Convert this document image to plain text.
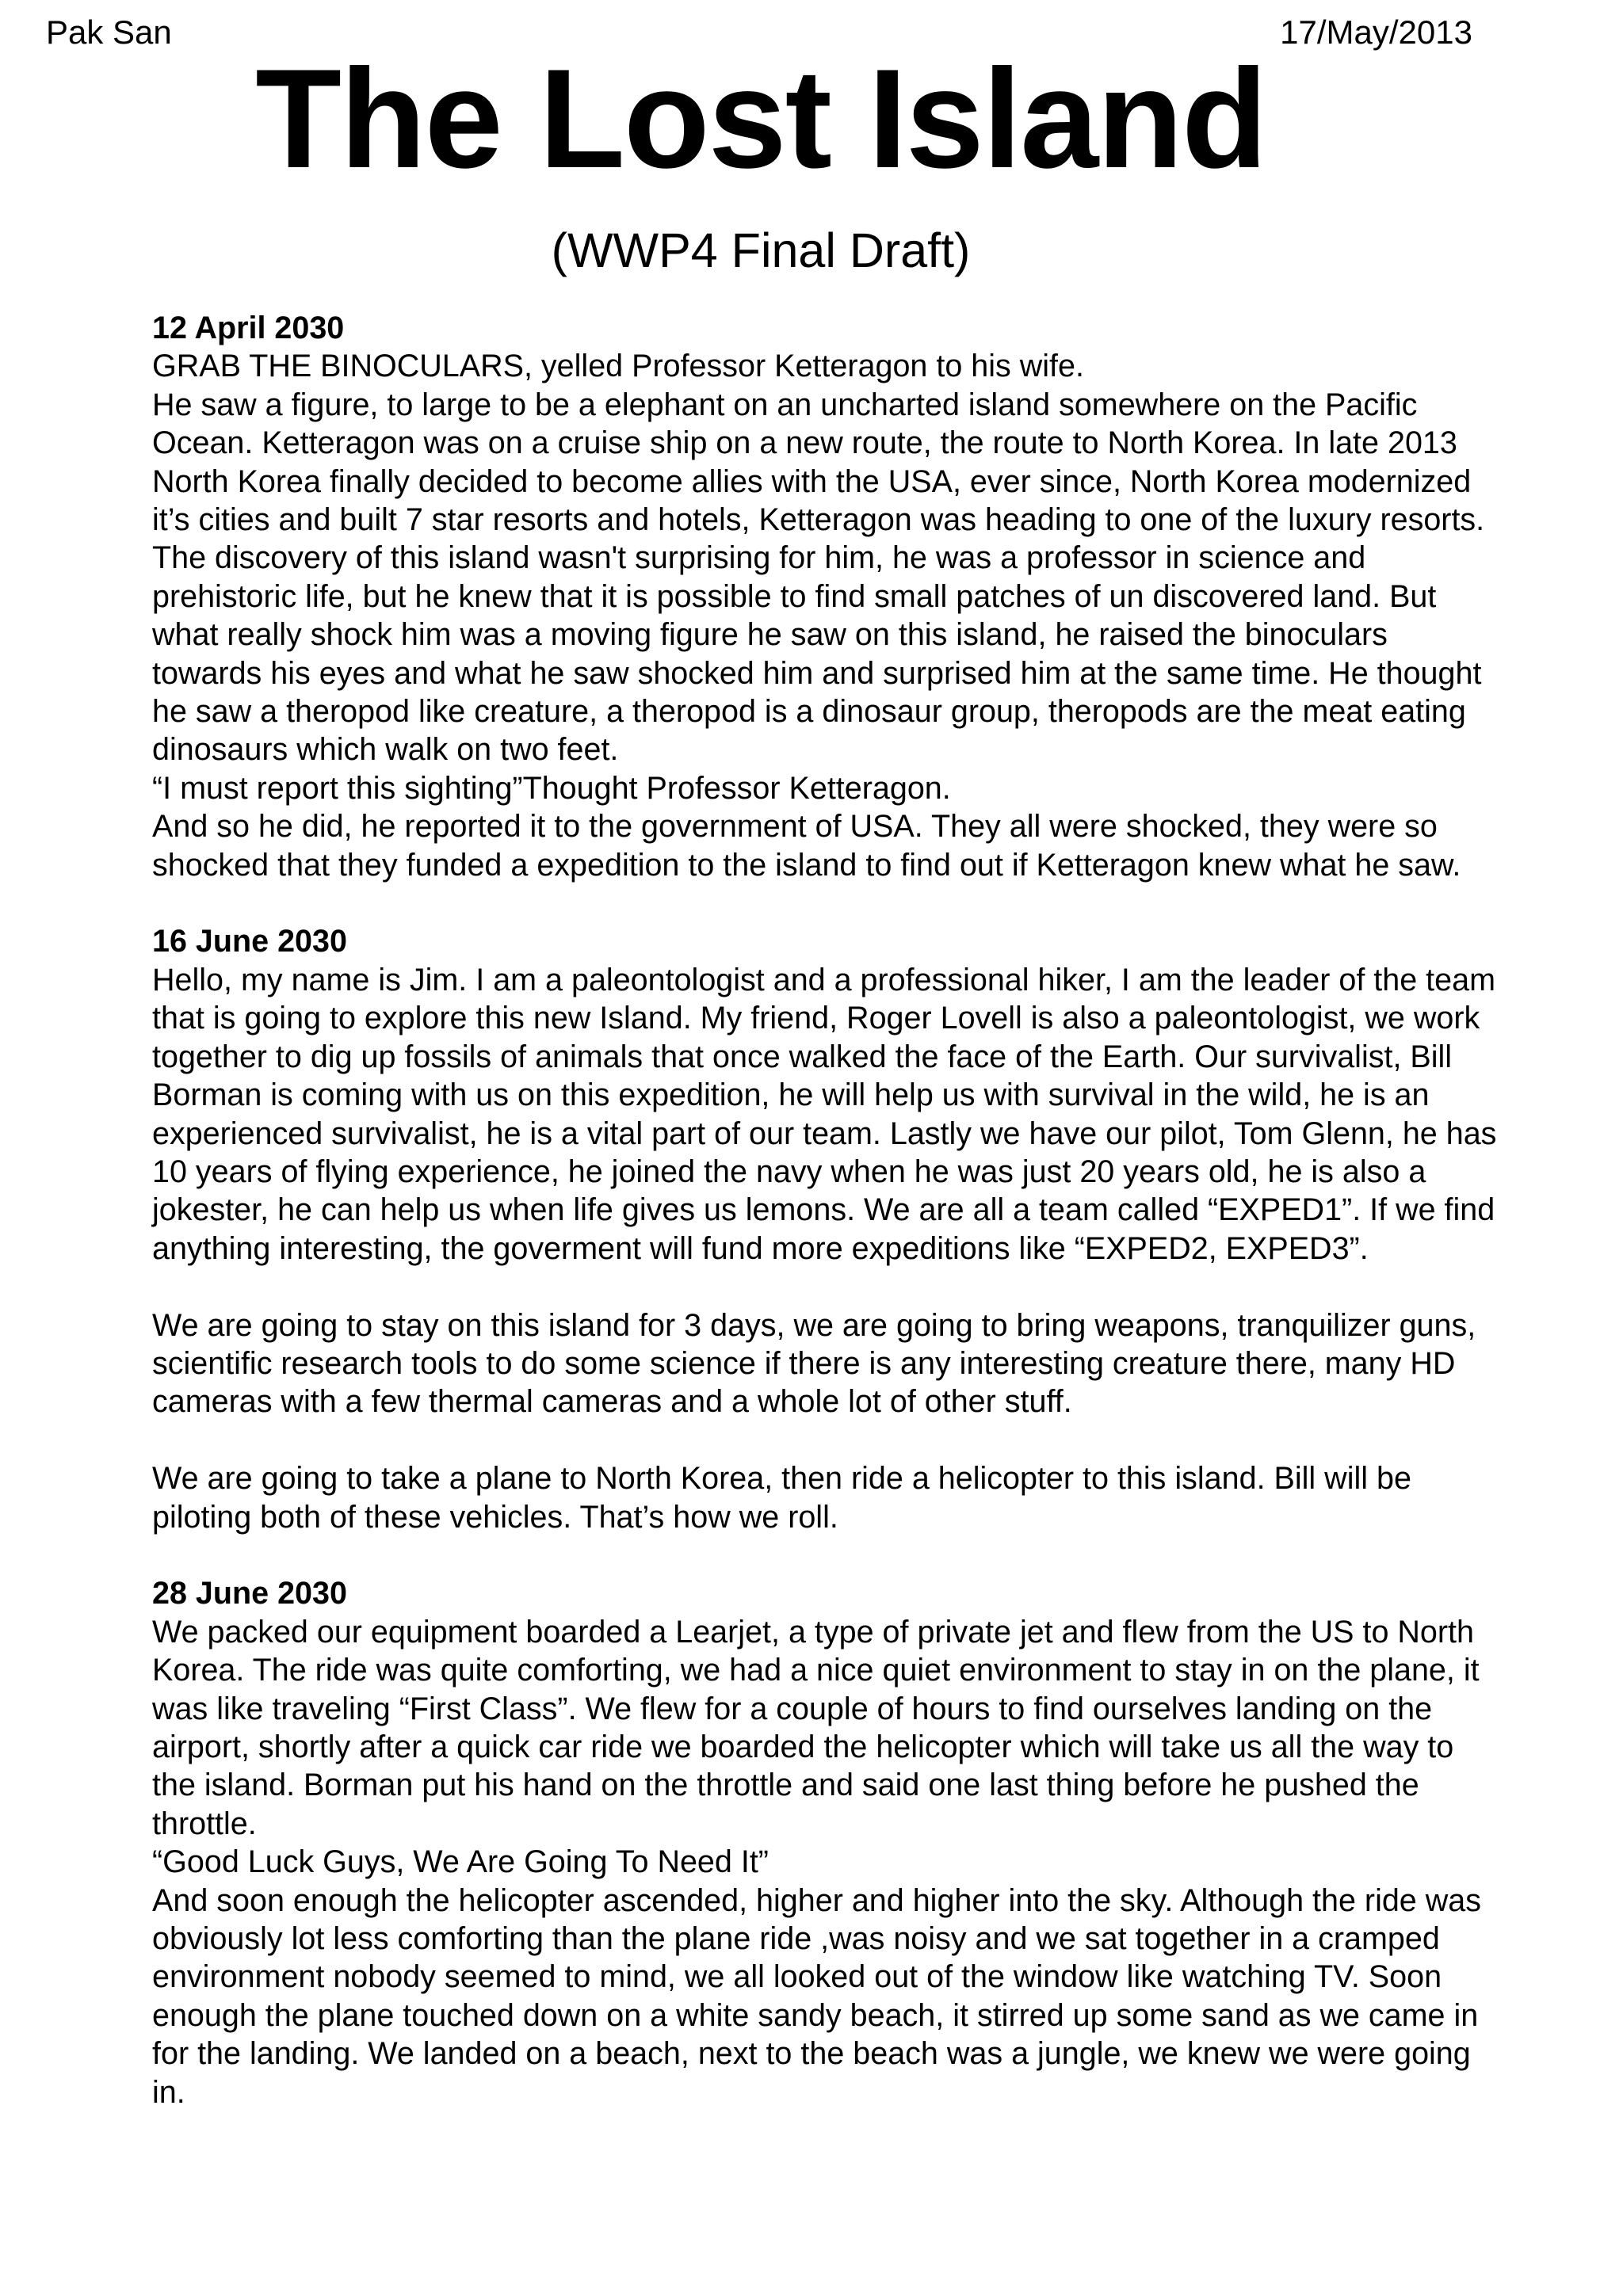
Pak San	17/May/2013
The Lost Island
(WWP4 Final Draft)

12 April 2030

GRAB THE BINOCULARS, yelled Professor Ketteragon to his wife.

He saw a figure, to large to be a elephant on an uncharted island somewhere on the Pacific Ocean. Ketteragon was on a cruise ship on a new route, the route to North Korea. In late 2013 North Korea finally decided to become allies with the USA, ever since, North Korea modernized it’s cities and built 7 star resorts and hotels, Ketteragon was heading to one of the luxury resorts. The discovery of this island wasn't surprising for him, he was a professor in science and prehistoric life, but he knew that it is possible to find small patches of un discovered land. But what really shock him was a moving figure he saw on this island, he raised the binoculars towards his eyes and what he saw shocked him and surprised him at the same time. He thought he saw a theropod like creature, a theropod is a dinosaur group, theropods are the meat eating dinosaurs which walk on two feet.

“I must report this sighting”Thought Professor Ketteragon.

And so he did, he reported it to the government of USA. They all were shocked, they were so shocked that they funded a expedition to the island to find out if Ketteragon knew what he saw.

16 June 2030

Hello, my name is Jim. I am a paleontologist and a professional hiker, I am the leader of the team that is going to explore this new Island. My friend, Roger Lovell is also a paleontologist, we work together to dig up fossils of animals that once walked the face of the Earth. Our survivalist, Bill Borman is coming with us on this expedition, he will help us with survival in the wild, he is an experienced survivalist, he is a vital part of our team. Lastly we have our pilot, Tom Glenn, he has 10 years of flying experience, he joined the navy when he was just 20 years old, he is also a jokester, he can help us when life gives us lemons. We are all a team called “EXPED1”. If we find anything interesting, the goverment will fund more expeditions like “EXPED2, EXPED3”.

We are going to stay on this island for 3 days, we are going to bring weapons, tranquilizer guns, scientific research tools to do some science if there is any interesting creature there, many HD cameras with a few thermal cameras and a whole lot of other stuff.

We are going to take a plane to North Korea, then ride a helicopter to this island. Bill will be piloting both of these vehicles. That’s how we roll.

28 June 2030

We packed our equipment boarded a Learjet, a type of private jet and flew from the US to North Korea. The ride was quite comforting, we had a nice quiet environment to stay in on the plane, it was like traveling “First Class”. We flew for a couple of hours to find ourselves landing on the airport, shortly after a quick car ride we boarded the helicopter which will take us all the way to the island. Borman put his hand on the throttle and said one last thing before he pushed the throttle.

“Good Luck Guys, We Are Going To Need It”

And soon enough the helicopter ascended, higher and higher into the sky. Although the ride was obviously lot less comforting than the plane ride ,was noisy and we sat together in a cramped environment nobody seemed to mind, we all looked out of the window like watching TV. Soon enough the plane touched down on a white sandy beach, it stirred up some sand as we came in for the landing. We landed on a beach, next to the beach was a jungle, we knew we were going in.
